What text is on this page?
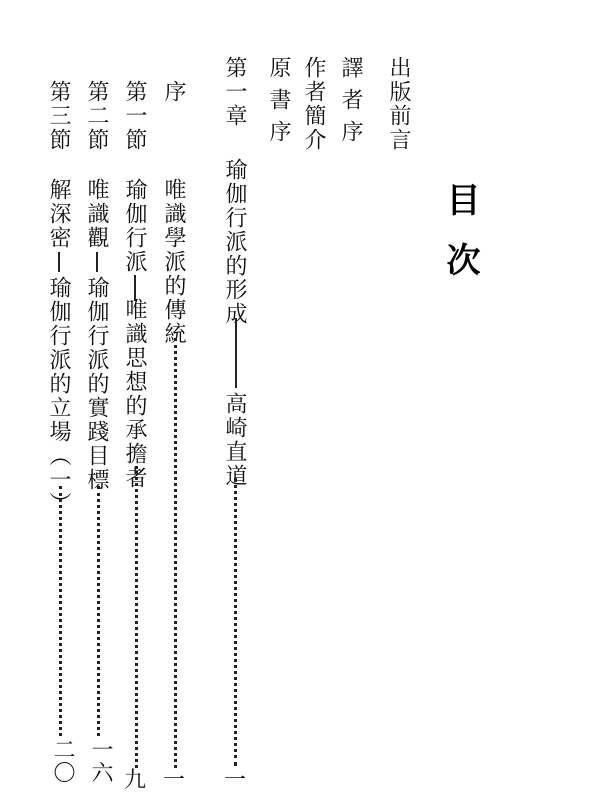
目次
出版前言
譯者序
作者簡介
原書序
第一章
瑜伽行派的形成
高崎直道
一
序
唯識學派的傳統
一
第一節
瑜伽行派
唯識思想的承擔者
九
第二節
唯識觀
瑜伽行派的實踐目標
一六
第三節
解深密
瑜伽行派的立場（一）
二〇
